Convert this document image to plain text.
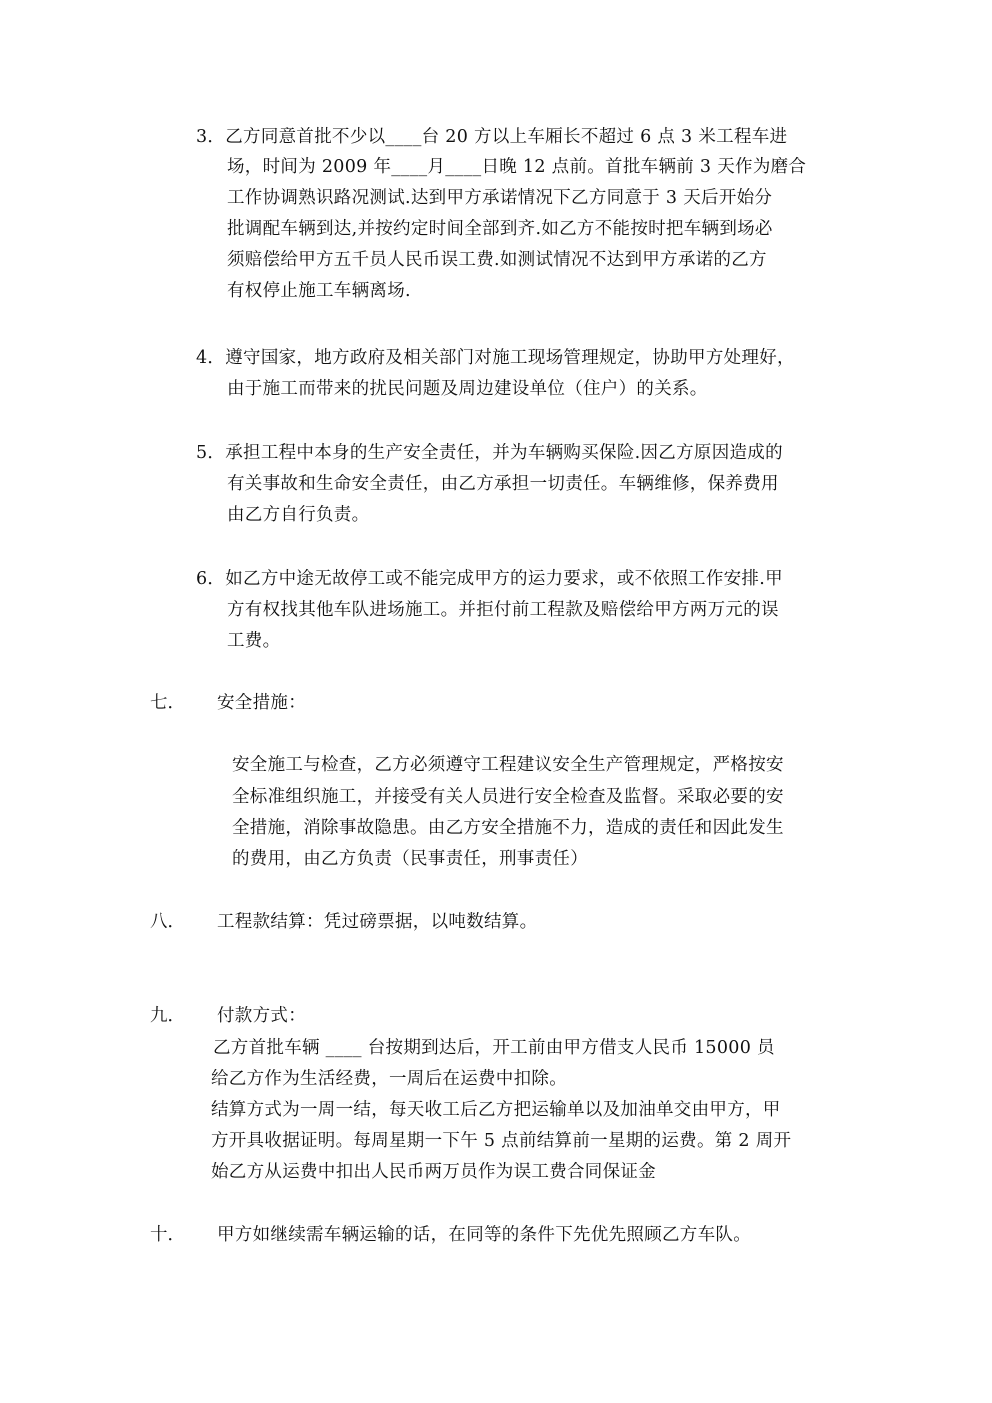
3．乙方同意首批不少以____台 20 方以上车厢长不超过 6 点 3 米工程车进
场，时间为 2009 年____月____日晚 12 点前。首批车辆前 3 天作为磨合
工作协调熟识路况测试.达到甲方承诺情况下乙方同意于 3 天后开始分
批调配车辆到达,并按约定时间全部到齐.如乙方不能按时把车辆到场必
须赔偿给甲方五千员人民币误工费.如测试情况不达到甲方承诺的乙方
有权停止施工车辆离场.
4．遵守国家，地方政府及相关部门对施工现场管理规定，协助甲方处理好，
由于施工而带来的扰民问题及周边建设单位（住户）的关系。
5．承担工程中本身的生产安全责任，并为车辆购买保险.因乙方原因造成的
有关事故和生命安全责任，由乙方承担一切责任。车辆维修，保养费用
由乙方自行负责。
6．如乙方中途无故停工或不能完成甲方的运力要求，或不依照工作安排.甲
方有权找其他车队进场施工。并拒付前工程款及赔偿给甲方两万元的误
工费。
七． 安全措施：
安全施工与检查，乙方必须遵守工程建议安全生产管理规定，严格按安
全标准组织施工，并接受有关人员进行安全检查及监督。采取必要的安
全措施，消除事故隐患。由乙方安全措施不力，造成的责任和因此发生
的费用，由乙方负责（民事责任，刑事责任）
八． 工程款结算：凭过磅票据，以吨数结算。
九． 付款方式：
乙方首批车辆 ____ 台按期到达后，开工前由甲方借支人民币 15000 员
给乙方作为生活经费，一周后在运费中扣除。
结算方式为一周一结，每天收工后乙方把运输单以及加油单交由甲方，甲
方开具收据证明。每周星期一下午 5 点前结算前一星期的运费。第 2 周开
始乙方从运费中扣出人民币两万员作为误工费合同保证金
十． 甲方如继续需车辆运输的话，在同等的条件下先优先照顾乙方车队。
